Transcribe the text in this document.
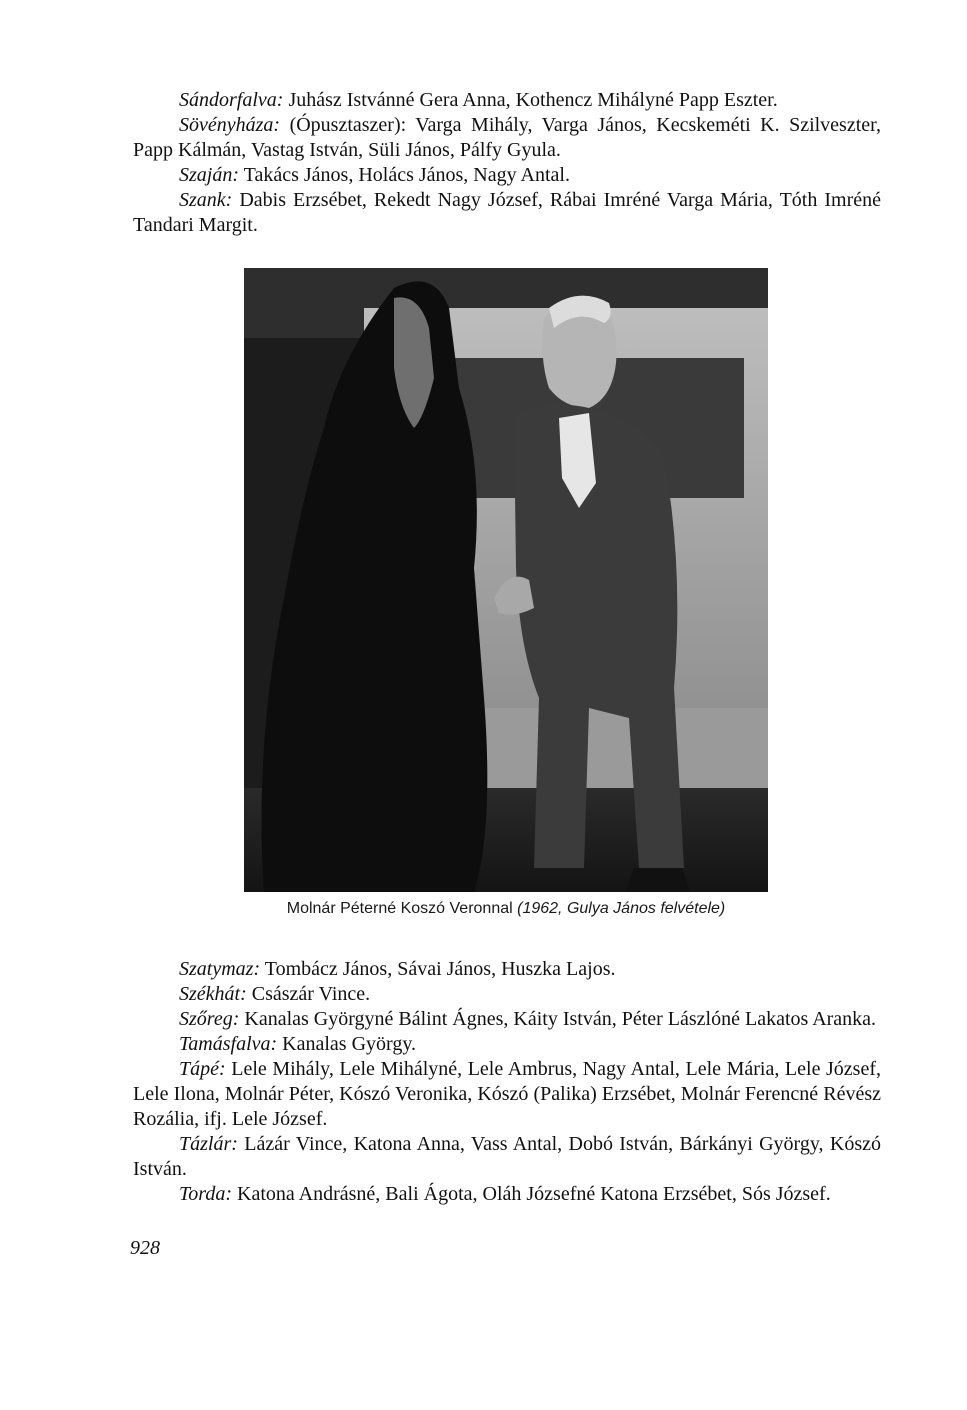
Sándorfalva: Juhász Istvánné Gera Anna, Kothencz Mihályné Papp Eszter.

Sövényháza: (Ópusztaszer): Varga Mihály, Varga János, Kecskeméti K. Szilveszter, Papp Kálmán, Vastag István, Süli János, Pálfy Gyula.

Szaján: Takács János, Holács János, Nagy Antal.

Szank: Dabis Erzsébet, Rekedt Nagy József, Rábai Imréné Varga Mária, Tóth Imréné Tandari Margit.

Molnár Péterné Koszó Veronnal (1962, Gulya János felvétele)

Szatymaz: Tombácz János, Sávai János, Huszka Lajos.

Székhát: Császár Vince.

Szőreg: Kanalas Györgyné Bálint Ágnes, Káity István, Péter Lászlóné Lakatos Aranka.

Tamásfalva: Kanalas György.

Tápé: Lele Mihály, Lele Mihályné, Lele Ambrus, Nagy Antal, Lele Mária, Lele József, Lele Ilona, Molnár Péter, Kószó Veronika, Kószó (Palika) Erzsébet, Molnár Ferencné Révész Rozália, ifj. Lele József.

Tázlár: Lázár Vince, Katona Anna, Vass Antal, Dobó István, Bárkányi György, Kószó István.

Torda: Katona Andrásné, Bali Ágota, Oláh Józsefné Katona Erzsébet, Sós József.

928
